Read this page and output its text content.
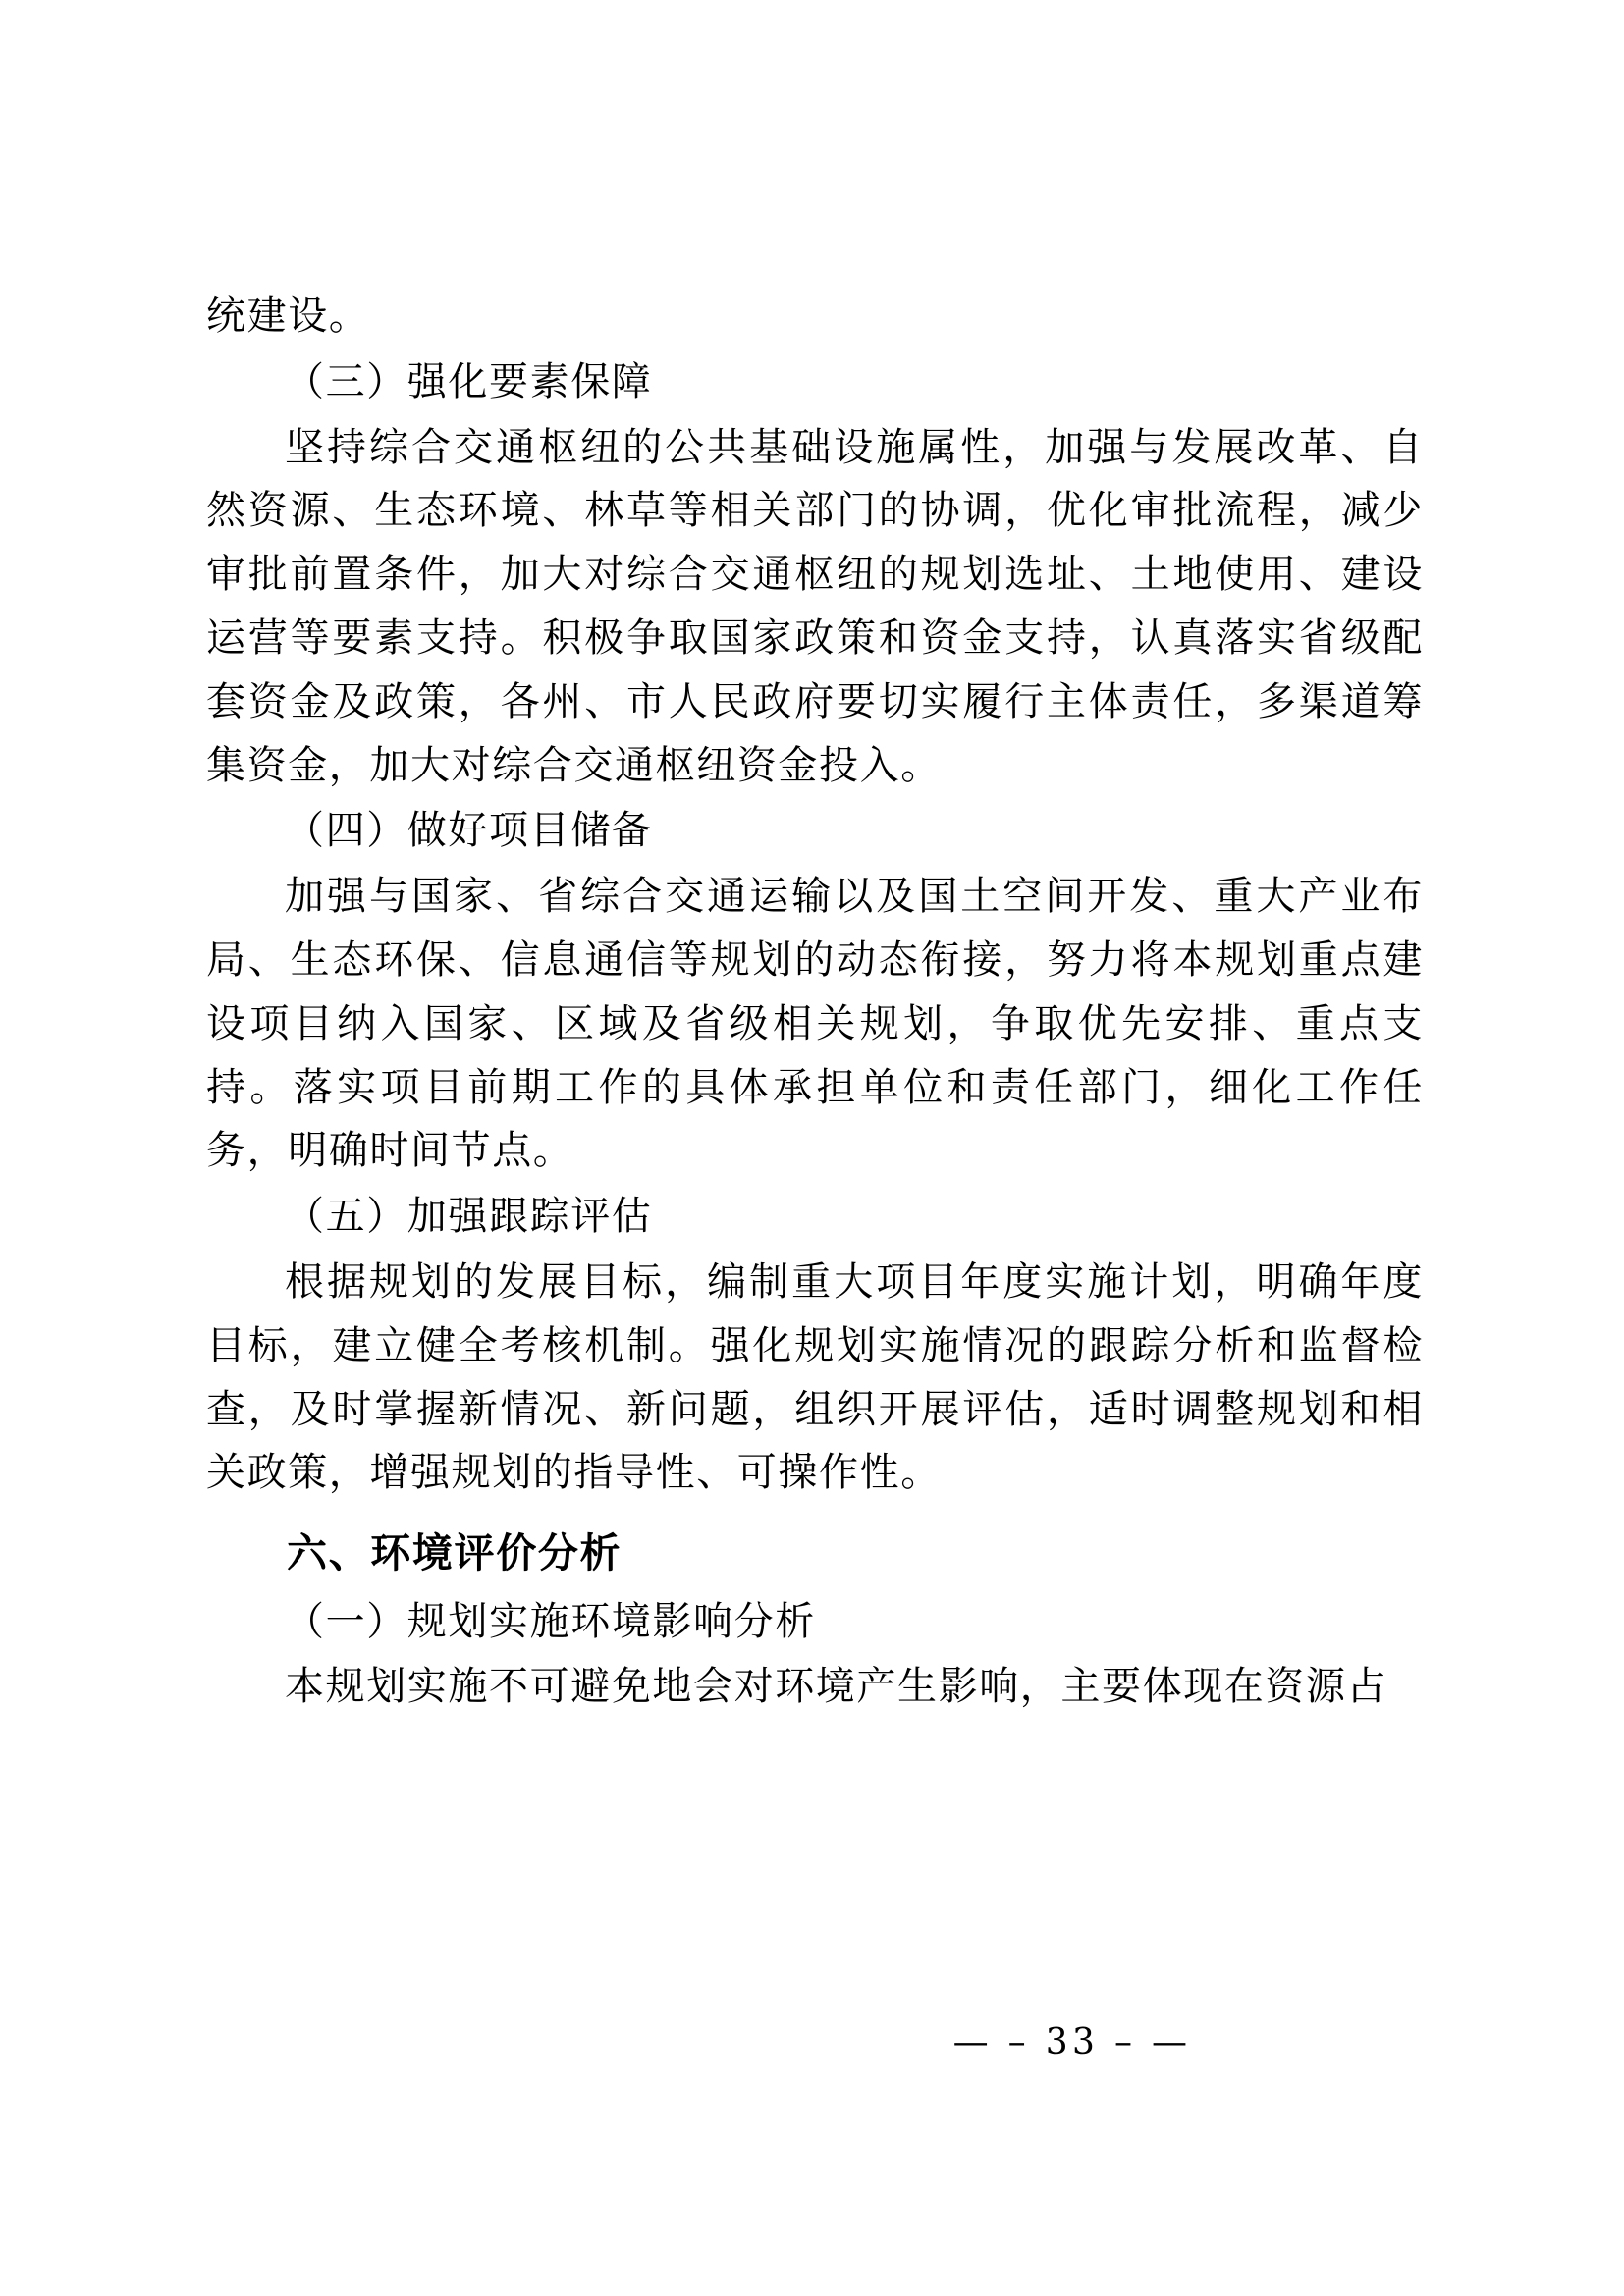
统建设。

（三）强化要素保障

坚持综合交通枢纽的公共基础设施属性，加强与发展改革、自然资源、生态环境、林草等相关部门的协调，优化审批流程，减少审批前置条件，加大对综合交通枢纽的规划选址、土地使用、建设运营等要素支持。积极争取国家政策和资金支持，认真落实省级配套资金及政策，各州、市人民政府要切实履行主体责任，多渠道筹集资金，加大对综合交通枢纽资金投入。

（四）做好项目储备

加强与国家、省综合交通运输以及国土空间开发、重大产业布局、生态环保、信息通信等规划的动态衔接，努力将本规划重点建设项目纳入国家、区域及省级相关规划，争取优先安排、重点支持。落实项目前期工作的具体承担单位和责任部门，细化工作任务，明确时间节点。

（五）加强跟踪评估

根据规划的发展目标，编制重大项目年度实施计划，明确年度目标，建立健全考核机制。强化规划实施情况的跟踪分析和监督检查，及时掌握新情况、新问题，组织开展评估，适时调整规划和相关政策，增强规划的指导性、可操作性。

六、环境评价分析

（一）规划实施环境影响分析

本规划实施不可避免地会对环境产生影响，主要体现在资源占

— – 33 – —
